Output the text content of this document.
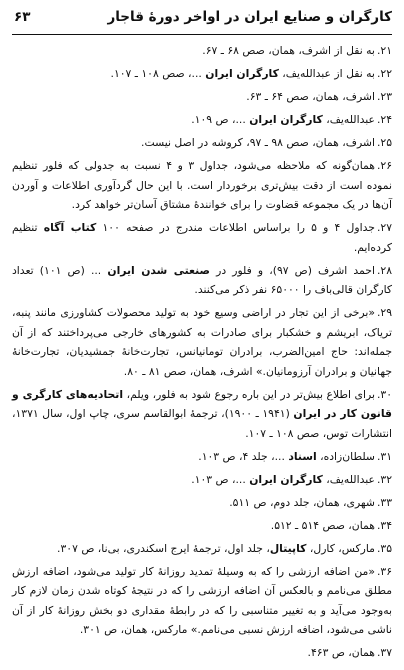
کارگران و صنایع ایران در اواخر دورهٔ قاجار
۶۳
۲۱.به نقل از اشرف، همان، صص ۶۸ ـ ۶۷.
۲۲.به نقل از عبدالله‌یف، کارگران ایران ...، صص ۱۰۸ ـ ۱۰۷.
۲۳.اشرف، همان، صص ۶۴ ـ ۶۳.
۲۴.عبدالله‌یف، کارگران ایران ...، ص ۱۰۹.
۲۵.اشرف، همان، صص ۹۸ ـ ۹۷، کروشه در اصل نیست.
۲۶.همان‌گونه که ملاحظه می‌شود، جداول ۳ و ۴ نسبت به جدولی که فلور تنظیم نموده است از دقت بیش‌تری برخوردار است. با این حال گردآوری اطلاعات و آوردن آن‌ها در یک مجموعه قضاوت را برای خوانندهٔ مشتاق آسان‌تر خواهد کرد.
۲۷.جداول ۴ و ۵ را براساس اطلاعات مندرج در صفحه ۱۰۰ کتاب آگاه تنظیم کرده‌ایم.
۲۸.احمد اشرف (ص ۹۷)، و فلور در صنعتی شدن ایران ... (ص ۱۰۱) تعداد کارگران قالی‌باف را ۶۵۰۰۰ نفر ذکر می‌کنند.
۲۹.«برخی از این تجار در اراضی وسیع خود به تولید محصولات کشاورزی مانند پنبه، تریاک، ابریشم و خشکبار برای صادرات به کشورهای خارجی می‌پرداختند که از آن جمله‌اند: حاج امین‌الضرب، برادران تومانیانس، تجارت‌خانهٔ جمشیدیان، تجارت‌خانهٔ جهانیان و برادران آرزومانیان.» اشرف، همان، صص ۸۱ ـ ۸۰.
۳۰.برای اطلاع بیش‌تر در این باره رجوع شود به فلور، ویلم، اتحادیه‌های کارگری و قانون کار در ایران (۱۹۴۱ ـ ۱۹۰۰)، ترجمهٔ ابوالقاسم سری، چاپ اول، سال ۱۳۷۱، انتشارات توس، صص ۱۰۸ ـ ۱۰۷.
۳۱.سلطان‌زاده، اسناد ...، جلد ۴، ص ۱۰۳.
۳۲.عبدالله‌یف، کارگران ایران ...، ص ۱۰۳.
۳۳.شهری، همان، جلد دوم، ص ۵۱۱.
۳۴.همان، صص ۵۱۴ ـ ۵۱۲.
۳۵.مارکس، کارل، کاپیتال، جلد اول، ترجمهٔ ایرج اسکندری، بی‌نا، ص ۳۰۷.
۳۶.«من اضافه ارزشی را که به وسیلهٔ تمدید روزانهٔ کار تولید می‌شود، اضافه ارزش مطلق می‌نامم و بالعکس آن اضافه ارزشی را که در نتیجهٔ کوتاه شدن زمان لازم کار به‌وجود می‌آید و به تغییر متناسبی را که در رابطهٔ مقداری دو بخش روزانهٔ کار از آن ناشی می‌شود، اضافه ارزش نسبی می‌نامم.» مارکس، همان، ص ۳۰۱.
۳۷.همان، ص ۴۶۳.
